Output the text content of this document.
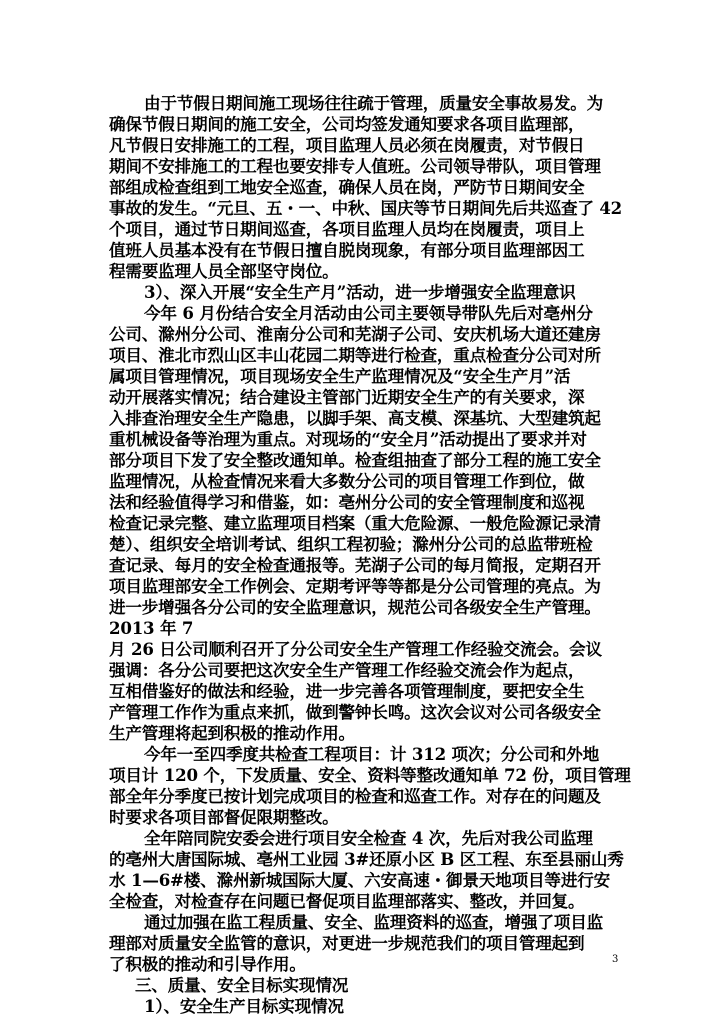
由于节假日期间施工现场往往疏于管理，质量安全事故易发。为
确保节假日期间的施工安全，公司均签发通知要求各项目监理部，
凡节假日安排施工的工程，项目监理人员必须在岗履责，对节假日
期间不安排施工的工程也要安排专人值班。公司领导带队，项目管理
部组成检查组到工地安全巡查，确保人员在岗，严防节日期间安全
事故的发生。“元旦、五・一、中秋、国庆等节日期间先后共巡查了 42
个项目，通过节日期间巡查，各项目监理人员均在岗履责，项目上
值班人员基本没有在节假日擅自脱岗现象，有部分项目监理部因工
程需要监理人员全部坚守岗位。
3）、深入开展“安全生产月”活动，进一步增强安全监理意识
今年 6 月份结合安全月活动由公司主要领导带队先后对亳州分
公司、滁州分公司、淮南分公司和芜湖子公司、安庆机场大道还建房
项目、淮北市烈山区丰山花园二期等进行检查，重点检查分公司对所
属项目管理情况，项目现场安全生产监理情况及“安全生产月”活
动开展落实情况；结合建设主管部门近期安全生产的有关要求，深
入排查治理安全生产隐患，以脚手架、高支模、深基坑、大型建筑起
重机械设备等治理为重点。对现场的“安全月”活动提出了要求并对
部分项目下发了安全整改通知单。检查组抽查了部分工程的施工安全
监理情况，从检查情况来看大多数分公司的项目管理工作到位，做
法和经验值得学习和借鉴，如：亳州分公司的安全管理制度和巡视
检查记录完整、建立监理项目档案（重大危险源、一般危险源记录清
楚）、组织安全培训考试、组织工程初验；滁州分公司的总监带班检
查记录、每月的安全检查通报等。芜湖子公司的每月简报，定期召开
项目监理部安全工作例会、定期考评等等都是分公司管理的亮点。为
进一步增强各分公司的安全监理意识，规范公司各级安全生产管理。
2013 年 7
月 26 日公司顺利召开了分公司安全生产管理工作经验交流会。会议
强调：各分公司要把这次安全生产管理工作经验交流会作为起点，
互相借鉴好的做法和经验，进一步完善各项管理制度，要把安全生
产管理工作作为重点来抓，做到警钟长鸣。这次会议对公司各级安全
生产管理将起到积极的推动作用。
今年一至四季度共检查工程项目：计 312 项次；分公司和外地
项目计 120 个，下发质量、安全、资料等整改通知单 72 份，项目管理
部全年分季度已按计划完成项目的检查和巡查工作。对存在的问题及
时要求各项目部督促限期整改。
全年陪同院安委会进行项目安全检查 4 次，先后对我公司监理
的亳州大唐国际城、亳州工业园 3#还原小区 B 区工程、东至县丽山秀
水 1—6#楼、滁州新城国际大厦、六安高速・御景天地项目等进行安
全检查，对检查存在问题已督促项目监理部落实、整改，并回复。
通过加强在监工程质量、安全、监理资料的巡查，增强了项目监
理部对质量安全监管的意识，对更进一步规范我们的项目管理起到
了积极的推动和引导作用。
三、质量、安全目标实现情况
1）、安全生产目标实现情况
3
